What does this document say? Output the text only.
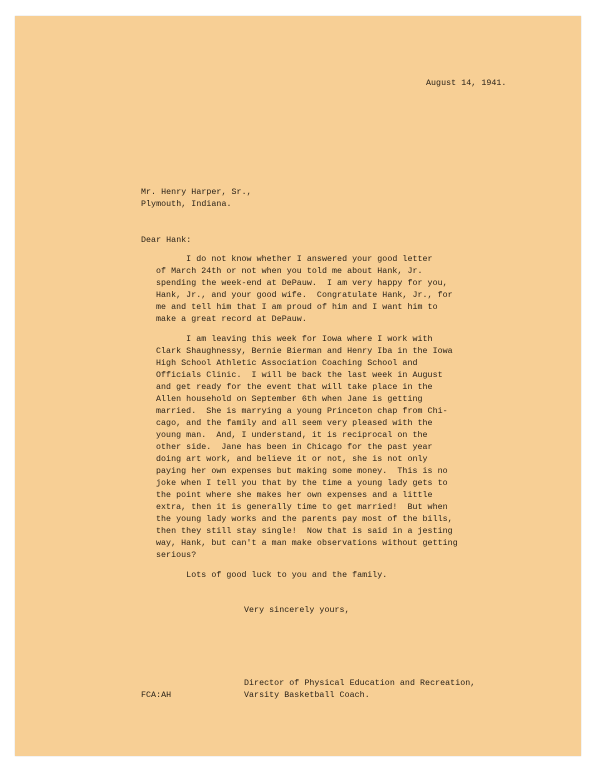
August 14, 1941.
Mr. Henry Harper, Sr.,
Plymouth, Indiana.
Dear Hank:
I do not know whether I answered your good letter
of March 24th or not when you told me about Hank, Jr.
spending the week-end at DePauw.  I am very happy for you,
Hank, Jr., and your good wife.  Congratulate Hank, Jr., for
me and tell him that I am proud of him and I want him to
make a great record at DePauw.
I am leaving this week for Iowa where I work with
Clark Shaughnessy, Bernie Bierman and Henry Iba in the Iowa
High School Athletic Association Coaching School and
Officials Clinic.  I will be back the last week in August
and get ready for the event that will take place in the
Allen household on September 6th when Jane is getting
married.  She is marrying a young Princeton chap from Chi-
cago, and the family and all seem very pleased with the
young man.  And, I understand, it is reciprocal on the
other side.  Jane has been in Chicago for the past year
doing art work, and believe it or not, she is not only
paying her own expenses but making some money.  This is no
joke when I tell you that by the time a young lady gets to
the point where she makes her own expenses and a little
extra, then it is generally time to get married!  But when
the young lady works and the parents pay most of the bills,
then they still stay single!  Now that is said in a jesting
way, Hank, but can't a man make observations without getting
serious?
Lots of good luck to you and the family.
Very sincerely yours,
Director of Physical Education and Recreation,
Varsity Basketball Coach.
FCA:AH
